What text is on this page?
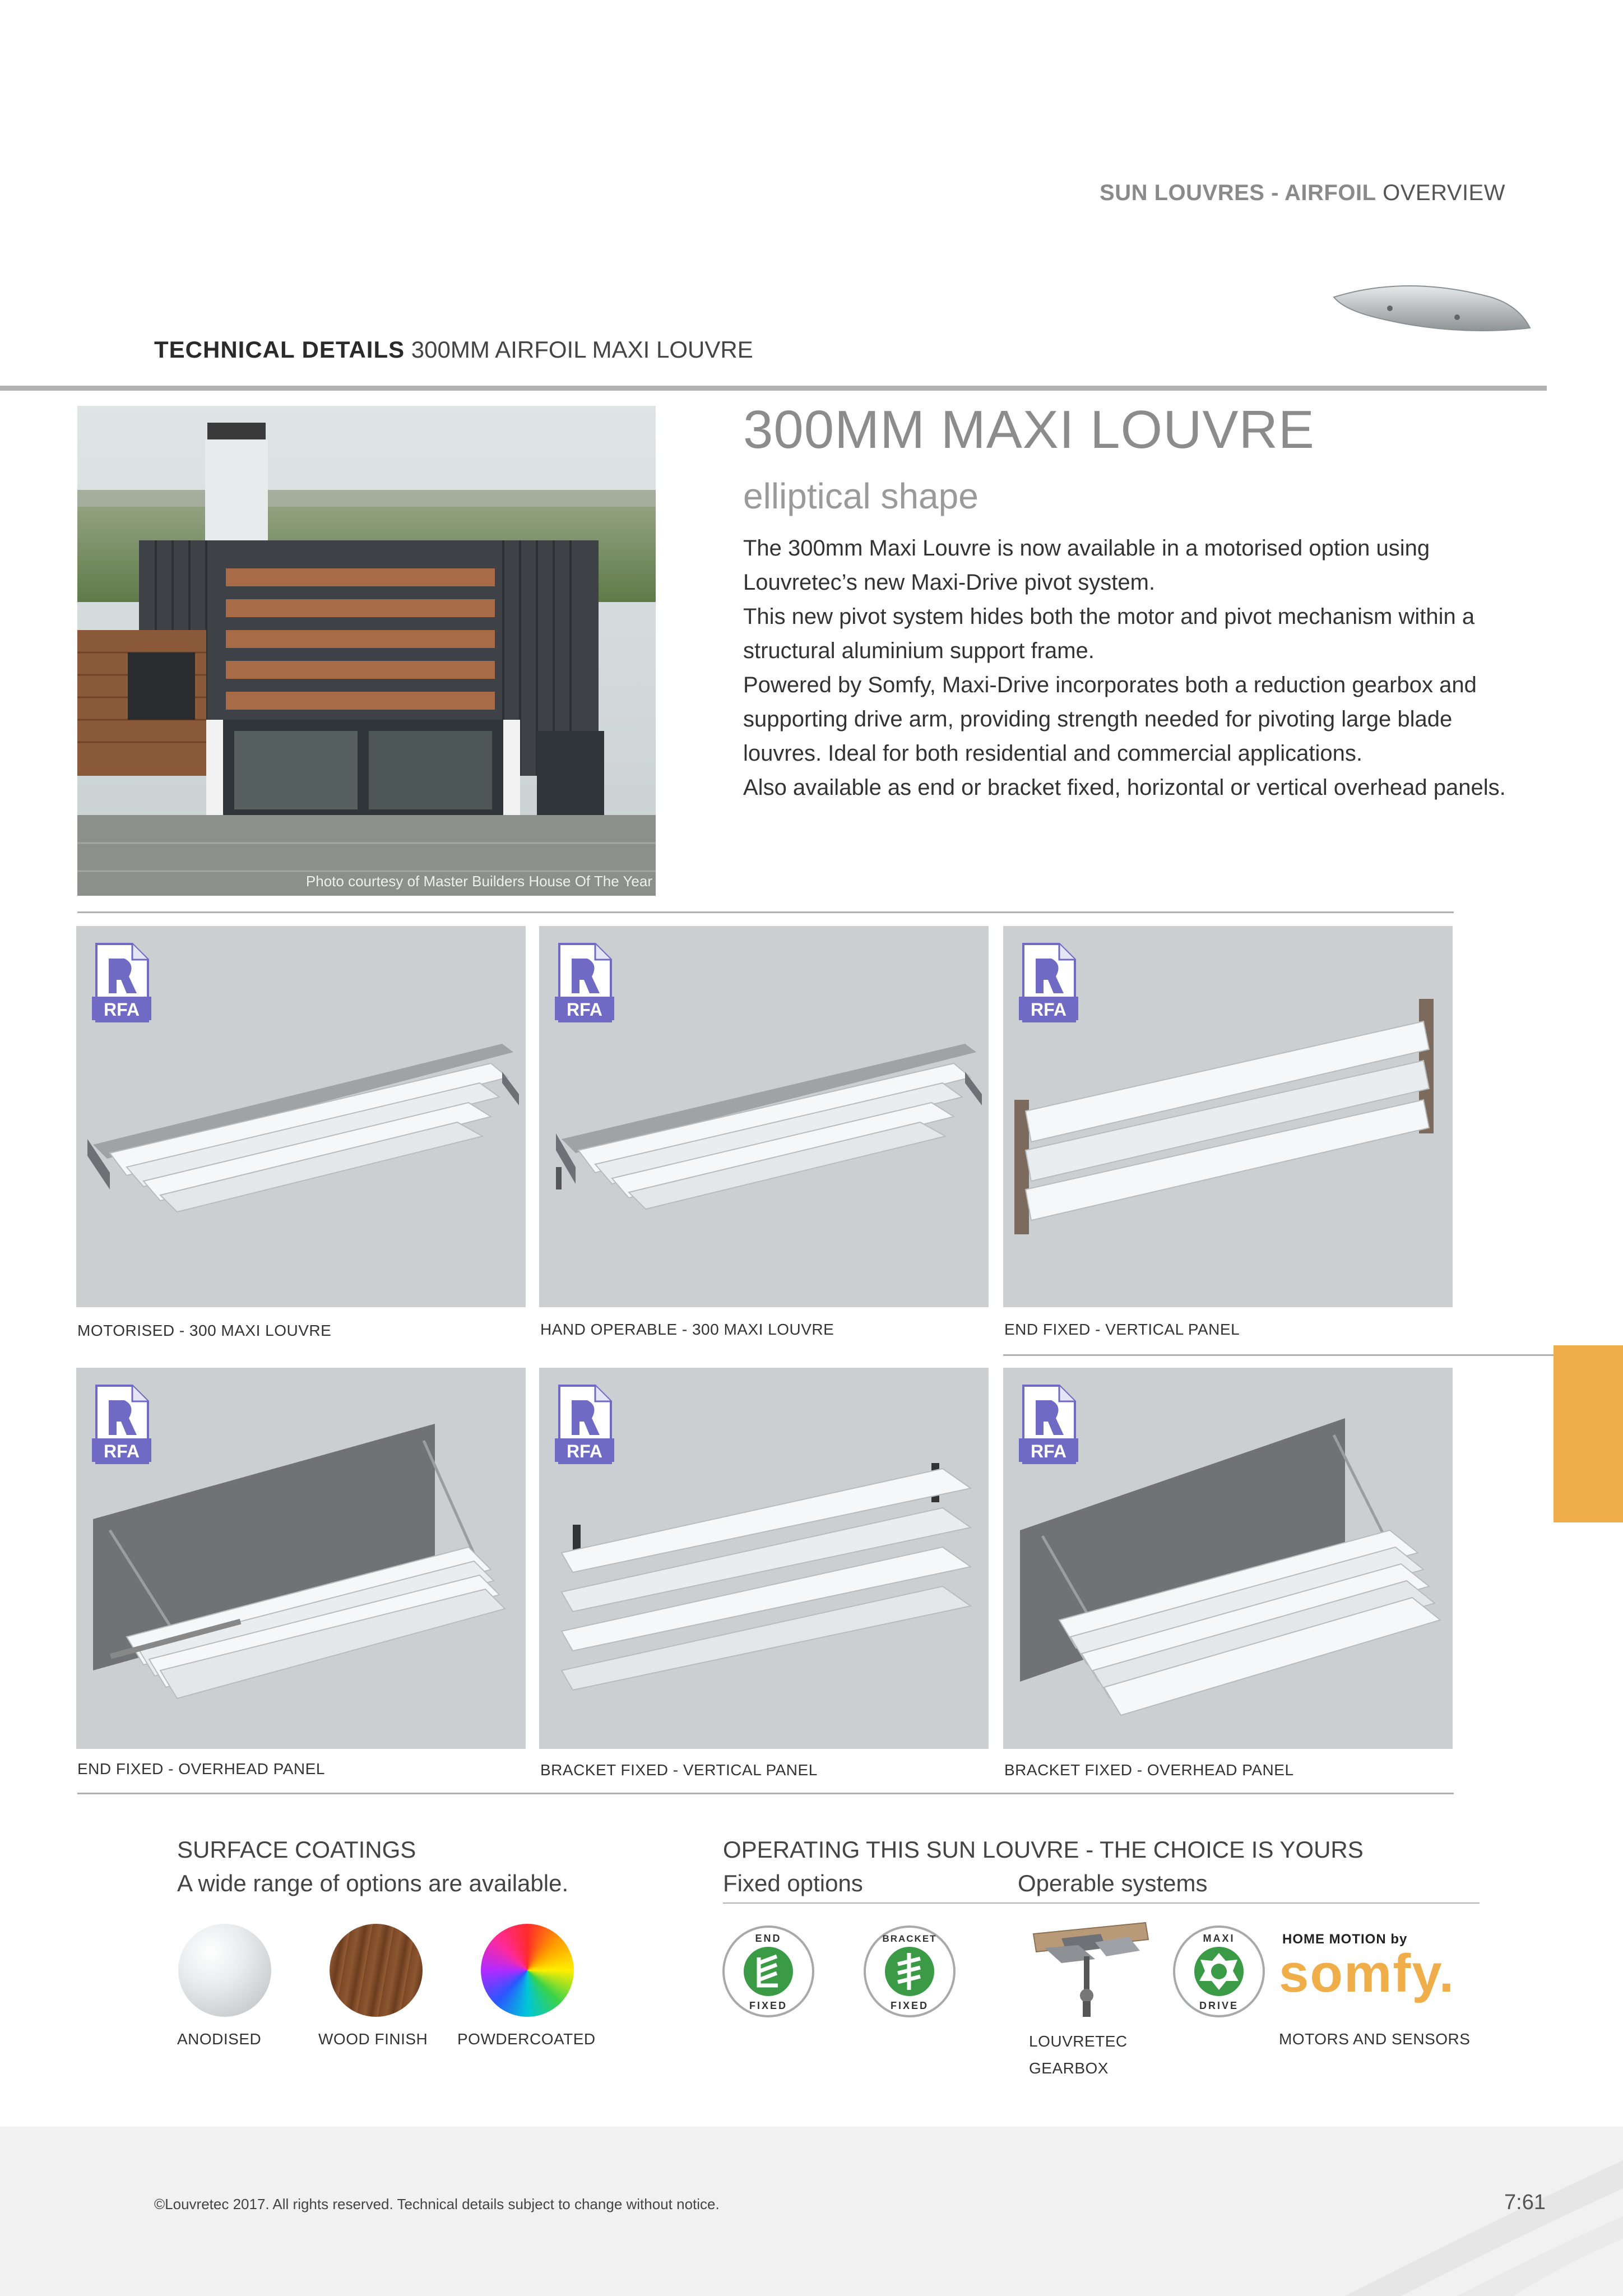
SUN LOUVRES - AIRFOIL OVERVIEW
TECHNICAL DETAILS 300MM AIRFOIL MAXI LOUVRE
Photo courtesy of Master Builders House Of The Year
300MM MAXI LOUVRE
elliptical shape
The 300mm Maxi Louvre is now available in a motorised option using
Louvretec’s new Maxi-Drive pivot system.
This new pivot system hides both the motor and pivot mechanism within a
structural aluminium support frame.
Powered by Somfy, Maxi-Drive incorporates both a reduction gearbox and
supporting drive arm, providing strength needed for pivoting large blade
louvres. Ideal for both residential and commercial applications.
Also available as end or bracket fixed, horizontal or vertical overhead panels.
RFA
MOTORISED - 300 MAXI LOUVRE
RFA
HAND OPERABLE - 300 MAXI LOUVRE
RFA
END FIXED - VERTICAL PANEL
RFA
END FIXED - OVERHEAD PANEL
RFA
BRACKET FIXED - VERTICAL PANEL
RFA
BRACKET FIXED - OVERHEAD PANEL
SURFACE COATINGS
A wide range of options are available.
ANODISED	WOOD FINISH POWDERCOATED
OPERATING THIS SUN LOUVRE - THE CHOICE IS YOURS
Fixed options	Operable systems
END
FIXED
BRACKET
FIXED
LOUVRETEC
GEARBOX
MAXI
DRIVE
HOME MOTION by
somfy.
MOTORS AND SENSORS
©Louvretec 2017. All rights reserved. Technical details subject to change without notice.	7:61
